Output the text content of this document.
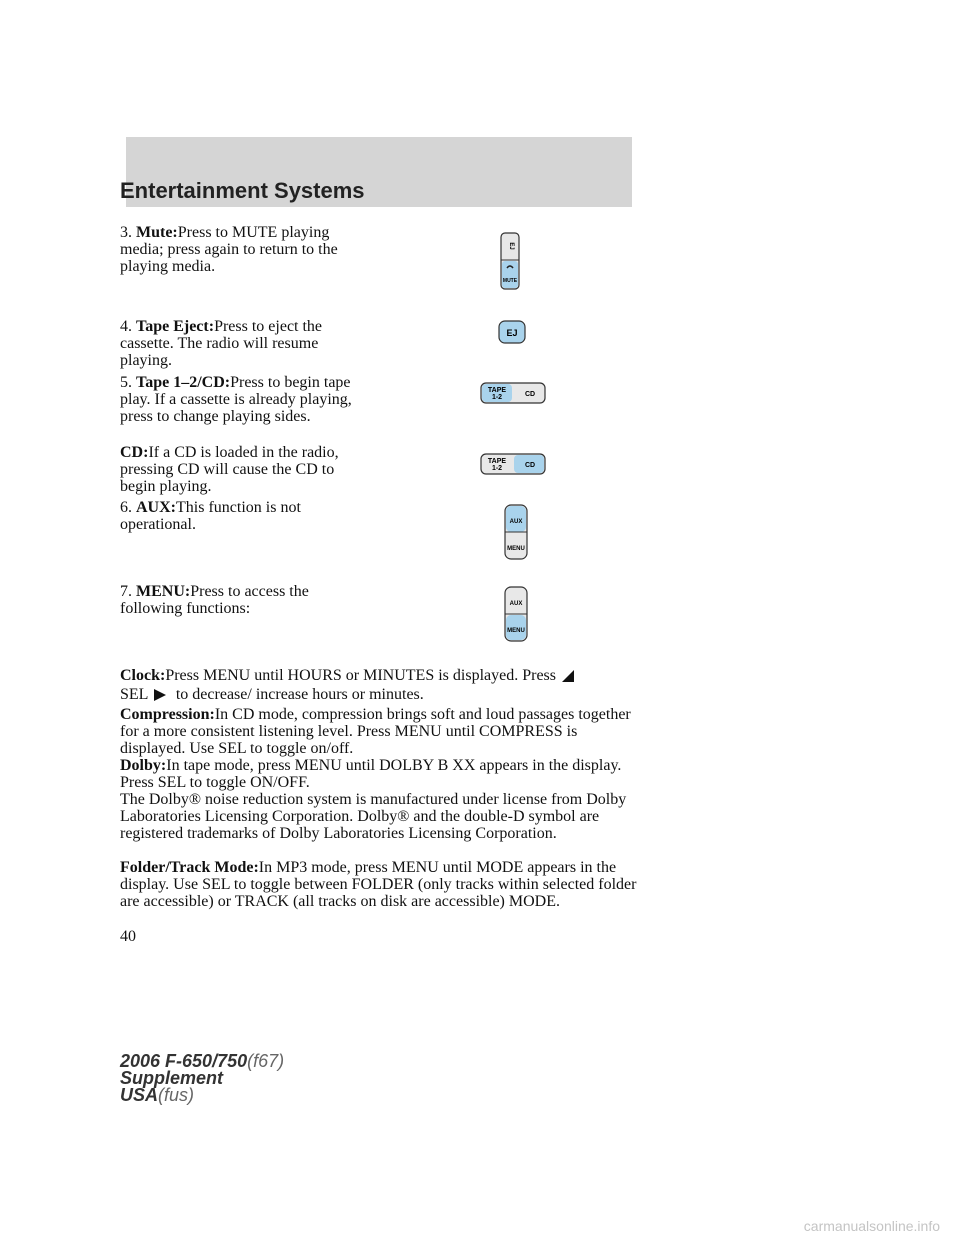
Entertainment Systems

3. Mute:Press to MUTE playing media; press again to return to the playing media.

EJ
MUTE

4. Tape Eject:Press to eject the cassette. The radio will resume playing.

EJ

5. Tape 1–2/CD:Press to begin tape play. If a cassette is already playing, press to change playing sides.

TAPE
1-2	CD

CD:If a CD is loaded in the radio, pressing CD will cause the CD to begin playing.

TAPE
1-2	CD

6. AUX:This function is not operational.	AUX
MENU

7. MENU:Press to access the following functions:	AUX
MENU

Clock:Press MENU until HOURS or MINUTES is displayed. Press

SEL to decrease/ increase hours or minutes.

Compression:In CD mode, compression brings soft and loud passages together for a more consistent listening level. Press MENU until COMPRESS is displayed. Use SEL to toggle on/off.

Dolby:In tape mode, press MENU until DOLBY B XX appears in the display. Press SEL to toggle ON/OFF.

The Dolby® noise reduction system is manufactured under license from Dolby Laboratories Licensing Corporation. Dolby® and the double-D symbol are registered trademarks of Dolby Laboratories Licensing Corporation.

Folder/Track Mode:In MP3 mode, press MENU until MODE appears in the display. Use SEL to toggle between FOLDER (only tracks within selected folder are accessible) or TRACK (all tracks on disk are accessible) MODE.

40
2006 F-650/750(f67)
Supplement
USA(fus)
carmanualsonline.info
